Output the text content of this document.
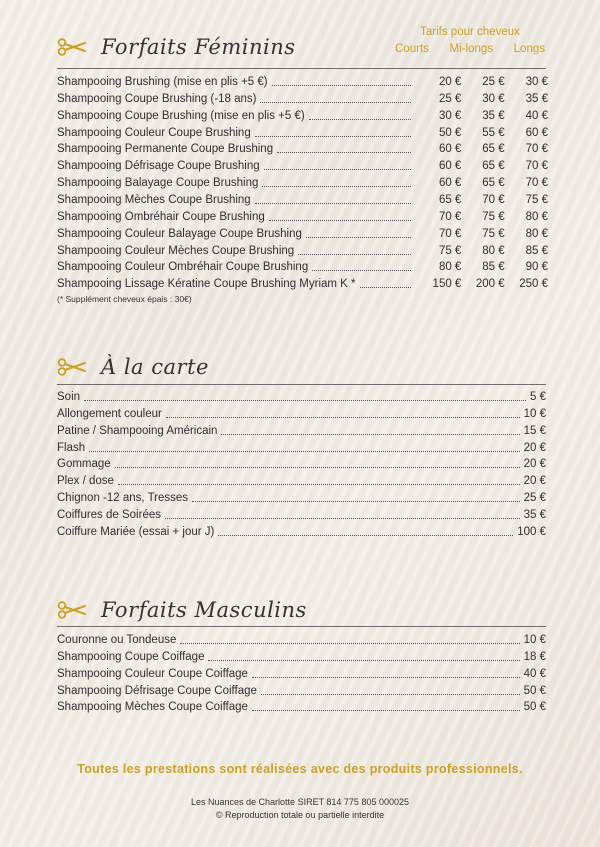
Forfaits Féminins
Tarifs pour cheveux
Courts Mi-longs Longs
Shampooing Brushing (mise en plis +5 €)	20 €	25 €	30 €
Shampooing Coupe Brushing (-18 ans)	25 €	30 €	35 €
Shampooing Coupe Brushing (mise en plis +5 €)	30 €	35 €	40 €
Shampooing Couleur Coupe Brushing	50 €	55 €	60 €
Shampooing Permanente Coupe Brushing	60 €	65 €	70 €
Shampooing Défrisage Coupe Brushing	60 €	65 €	70 €
Shampooing Balayage Coupe Brushing	60 €	65 €	70 €
Shampooing Mèches Coupe Brushing	65 €	70 €	75 €
Shampooing Ombréhair Coupe Brushing	70 €	75 €	80 €
Shampooing Couleur Balayage Coupe Brushing	70 €	75 €	80 €
Shampooing Couleur Mèches Coupe Brushing	75 €	80 €	85 €
Shampooing Couleur Ombréhair Coupe Brushing	80 €	85 €	90 €
Shampooing Lissage Kératine Coupe Brushing Myriam K *	150 €	200 €	250 €
(* Supplément cheveux épais : 30€)
À la carte
Soin	5 €
Allongement couleur	10 €
Patine / Shampooing Américain	15 €
Flash	20 €
Gommage	20 €
Plex / dose	20 €
Chignon -12 ans, Tresses	25 €
Coiffures de Soirées	35 €
Coiffure Mariée (essai + jour J)	100 €
Forfaits Masculins
Couronne ou Tondeuse	10 €
Shampooing Coupe Coiffage	18 €
Shampooing Couleur Coupe Coiffage	40 €
Shampooing Défrisage Coupe Coiffage	50 €
Shampooing Mèches Coupe Coiffage	50 €
Toutes les prestations sont réalisées avec des produits professionnels.
Les Nuances de Charlotte SIRET 814 775 805 000025
© Reproduction totale ou partielle interdite
